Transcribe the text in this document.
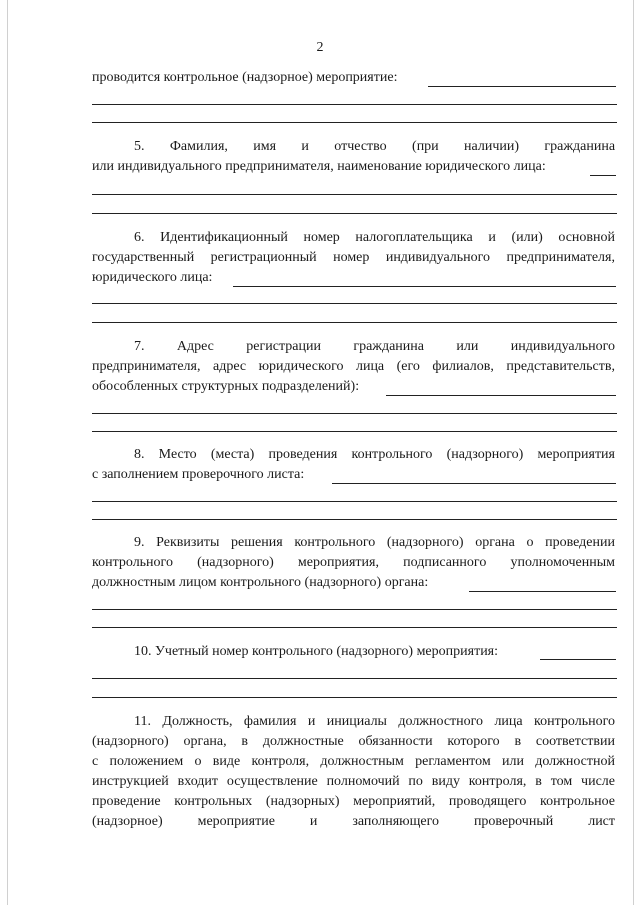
2
проводится контрольное (надзорное) мероприятие:
5. Фамилия, имя и отчество (при наличии) гражданина
или индивидуального предпринимателя, наименование юридического лица:
6. Идентификационный номер налогоплательщика и (или) основной
государственный регистрационный номер индивидуального предпринимателя,
юридического лица:
7. Адрес регистрации гражданина или индивидуального
предпринимателя, адрес юридического лица (его филиалов, представительств,
обособленных структурных подразделений):
8. Место (места) проведения контрольного (надзорного) мероприятия
с заполнением проверочного листа:
9. Реквизиты решения контрольного (надзорного) органа о проведении
контрольного (надзорного) мероприятия, подписанного уполномоченным
должностным лицом контрольного (надзорного) органа:
10. Учетный номер контрольного (надзорного) мероприятия:
11. Должность, фамилия и инициалы должностного лица контрольного
(надзорного) органа, в должностные обязанности которого в соответствии
с положением о виде контроля, должностным регламентом или должностной
инструкцией входит осуществление полномочий по виду контроля, в том числе
проведение контрольных (надзорных) мероприятий, проводящего контрольное
(надзорное) мероприятие и заполняющего проверочный лист
